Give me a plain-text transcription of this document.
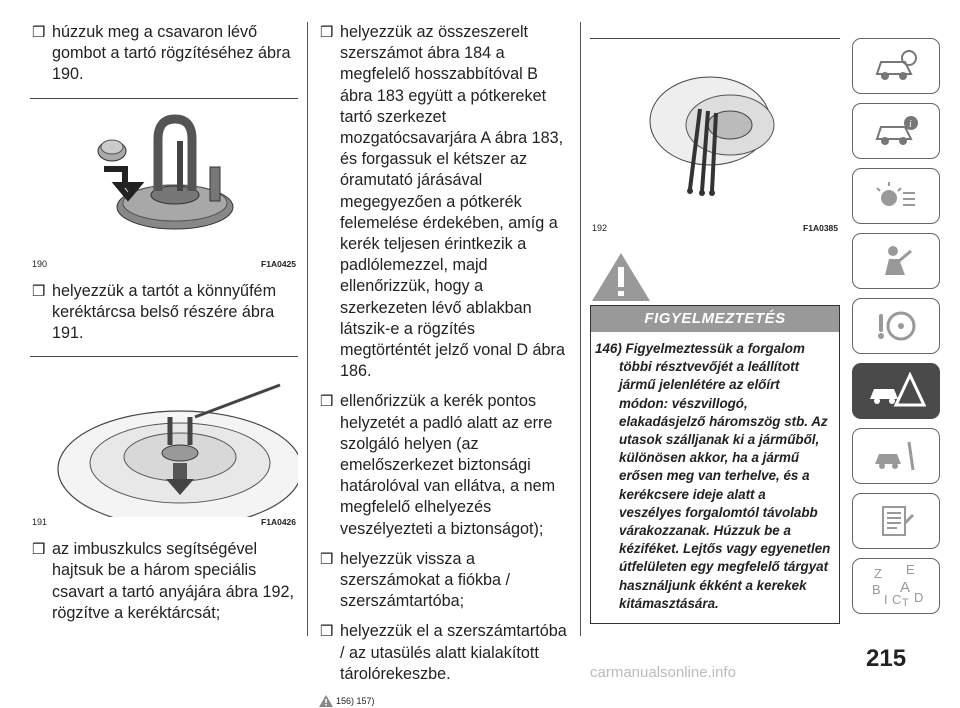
❒ húzzuk meg a csavaron lévő gombot a tartó rögzítéséhez ábra 190.
190	F1A0425
❒ helyezzük a tartót a könnyűfém keréktárcsa belső részére ábra 191.
191	F1A0426
❒ az imbuszkulcs segítségével hajtsuk be a három speciális csavart a tartó anyájára ábra 192, rögzítve a keréktárcsát;
❒ helyezzük az összeszerelt szerszámot ábra 184 a megfelelő hosszabbítóval B ábra 183 együtt a pótkereket tartó szerkezet mozgatócsavarjára A ábra 183, és forgassuk el kétszer az óramutató járásával megegyezően a pótkerék felemelése érdekében, amíg a kerék teljesen érintkezik a padlólemezzel, majd ellenőrizzük, hogy a szerkezeten lévő ablakban látszik-e a rögzítés megtörténtét jelző vonal D ábra 186.
❒ ellenőrizzük a kerék pontos helyzetét a padló alatt az erre szolgáló helyen (az emelőszerkezet biztonsági határolóval van ellátva, a nem megfelelő elhelyezés veszélyezteti a biztonságot);
❒ helyezzük vissza a szerszámokat a fiókba / szerszámtartóba;
❒ helyezzük el a szerszámtartóba / az utasülés alatt kialakított tárolórekeszbe.
156) 157)
192	F1A0385
FIGYELMEZTETÉS
146) Figyelmeztessük a forgalom többi résztvevőjét a leállított jármű jelenlétére az előírt módon: vészvillogó, elakadásjelző háromszög stb. Az utasok szálljanak ki a járműből, különösen akkor, ha a jármű erősen meg van terhelve, és a kerékcsere ideje alatt a veszélyes forgalomtól távolabb várakozzanak. Húzzuk be a kéziféket. Lejtős vagy egyenetlen útfelületen egy megfelelő tárgyat használjunk ékként a kerekek kitámasztására.
i
Z E
B A
I C T D
215
carmanualsonline.info
